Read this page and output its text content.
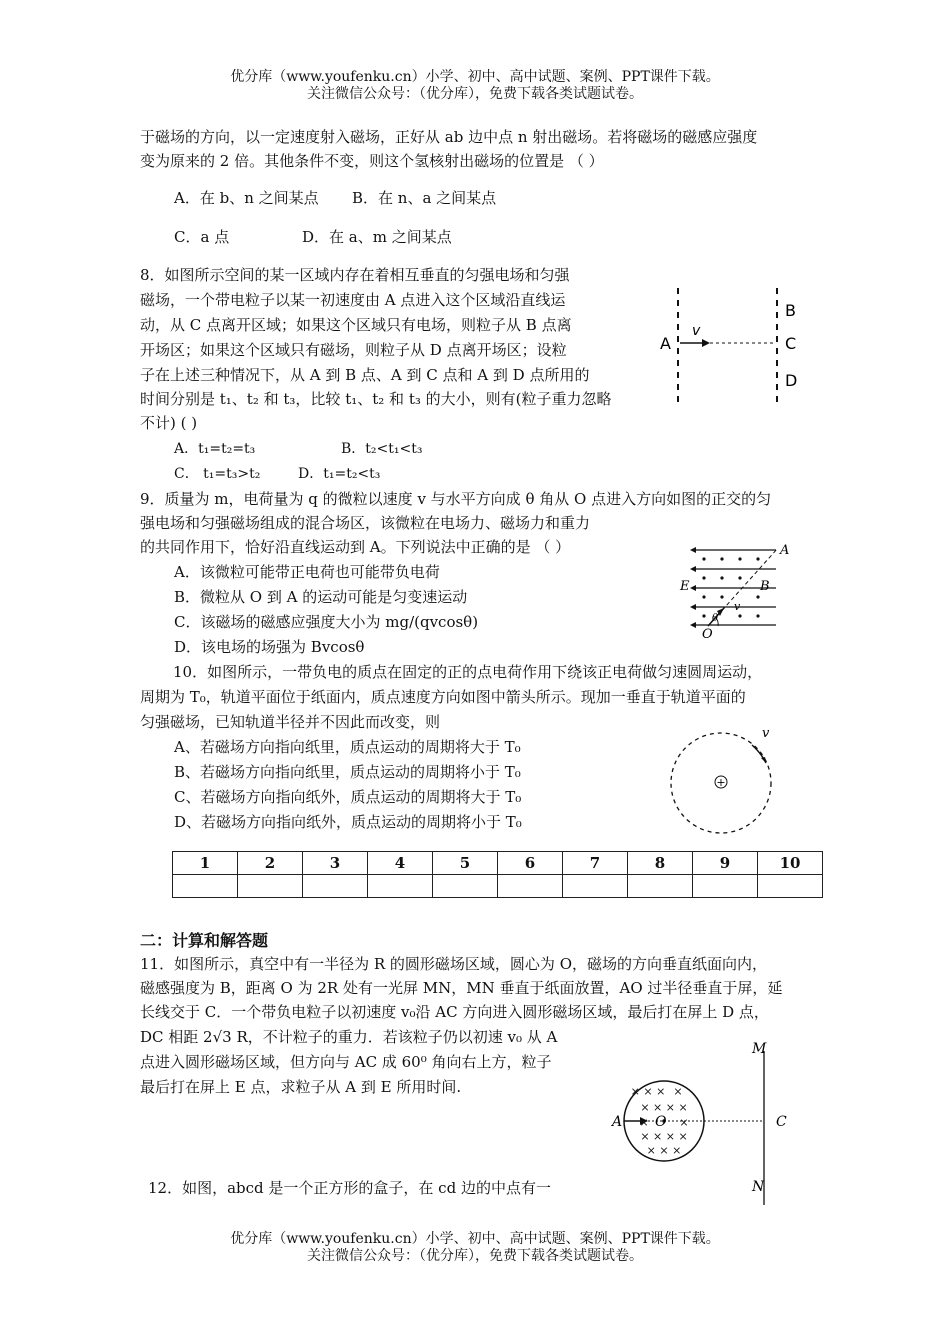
优分库（www.youfenku.cn）小学、初中、高中试题、案例、PPT课件下载。
关注微信公众号：（优分库），免费下载各类试题试卷。
于磁场的方向，以一定速度射入磁场，正好从 ab 边中点 n 射出磁场。若将磁场的磁感应强度
变为原来的 2 倍。其他条件不变，则这个氢核射出磁场的位置是 （ ）
A．在 b、n 之间某点 B．在 n、a 之间某点
C．a 点	D．在 a、m 之间某点
8．如图所示空间的某一区域内存在着相互垂直的匀强电场和匀强
磁场，一个带电粒子以某一初速度由 A 点进入这个区域沿直线运
动，从 C 点离开区域；如果这个区域只有电场，则粒子从 B 点离
开场区；如果这个区域只有磁场，则粒子从 D 点离开场区；设粒
子在上述三种情况下，从 A 到 B 点、A 到 C 点和 A 到 D 点所用的
时间分别是 t₁、t₂ 和 t₃，比较 t₁、t₂ 和 t₃ 的大小，则有(粒子重力忽略
不计) ( )
A．t₁=t₂=t₃	B．t₂<t₁<t₃
C． t₁=t₃>t₂	D．t₁=t₂<t₃
A
B
C
D
v
9．质量为 m，电荷量为 q 的微粒以速度 v 与水平方向成 θ 角从 O 点进入方向如图的正交的匀
强电场和匀强磁场组成的混合场区，该微粒在电场力、磁场力和重力
的共同作用下，恰好沿直线运动到 A。下列说法中正确的是 （ ）
A．该微粒可能带正电荷也可能带负电荷
B．微粒从 O 到 A 的运动可能是匀变速运动
C．该磁场的磁感应强度大小为 mg/(qvcosθ)
D．该电场的场强为 Bvcosθ
A
E	B
v
θ
O
10．如图所示，一带负电的质点在固定的正的点电荷作用下绕该正电荷做匀速圆周运动，
周期为 T₀，轨道平面位于纸面内，质点速度方向如图中箭头所示。现加一垂直于轨道平面的
匀强磁场，已知轨道半径并不因此而改变，则
A、若磁场方向指向纸里，质点运动的周期将大于 T₀
B、若磁场方向指向纸里，质点运动的周期将小于 T₀
C、若磁场方向指向纸外，质点运动的周期将大于 T₀
D、若磁场方向指向纸外，质点运动的周期将小于 T₀
+
v
1	2	3	4	5	6	7	8	9	10

二：计算和解答题
11．如图所示，真空中有一半径为 R 的圆形磁场区域，圆心为 O，磁场的方向垂直纸面向内，
磁感强度为 B，距离 O 为 2R 处有一光屏 MN，MN 垂直于纸面放置，AO 过半径垂直于屏，延
长线交于 C．一个带负电粒子以初速度 v₀沿 AC 方向进入圆形磁场区域，最后打在屏上 D 点，
DC 相距 2√3 R，不计粒子的重力．若该粒子仍以初速 v₀ 从 A
点进入圆形磁场区域，但方向与 AC 成 60⁰ 角向右上方，粒子
最后打在屏上 E 点，求粒子从 A 到 E 所用时间.	× × × ×
× × × ×
×	×
× × × ×
× × ×
O
M
N
A	C
12．如图，abcd 是一个正方形的盒子，在 cd 边的中点有一
优分库（www.youfenku.cn）小学、初中、高中试题、案例、PPT课件下载。
关注微信公众号：（优分库），免费下载各类试题试卷。
